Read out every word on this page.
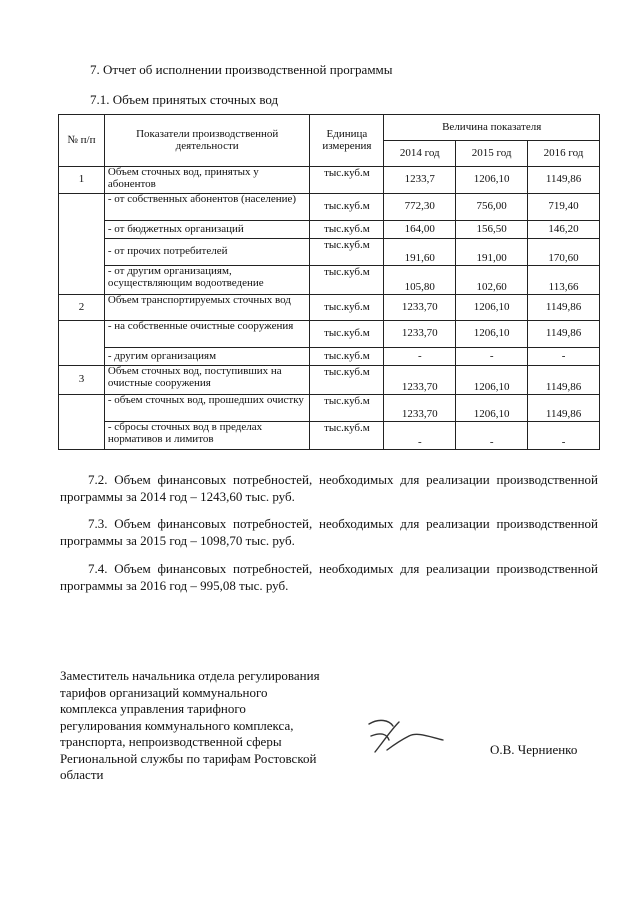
7. Отчет об исполнении производственной программы
7.1. Объем принятых сточных вод
№ п/п	Показатели производственной деятельности	Единица измерения	Величина показателя		
			2014 год	2015 год	2016 год
1	Объем сточных вод, принятых у абонентов	тыс.куб.м	1233,7	1206,10	1149,86
	- от собственных абонентов (население)	тыс.куб.м	772,30	756,00	719,40
	- от бюджетных организаций	тыс.куб.м	164,00	156,50	146,20
	- от прочих потребителей	тыс.куб.м	191,60	191,00	170,60
	- от другим организациям, осуществляющим водоотведение	тыс.куб.м	105,80	102,60	113,66
2	Объем транспортируемых сточных вод	тыс.куб.м	1233,70	1206,10	1149,86
	- на собственные очистные сооружения	тыс.куб.м	1233,70	1206,10	1149,86
	- другим организациям	тыс.куб.м	-	-	-
3	Объем сточных вод, поступивших на очистные сооружения	тыс.куб.м	1233,70	1206,10	1149,86
	- объем сточных вод, прошедших очистку	тыс.куб.м	1233,70	1206,10	1149,86
	- сбросы сточных вод в пределах нормативов и лимитов	тыс.куб.м	-	-	-
7.2. Объем финансовых потребностей, необходимых для реализации производственной программы за 2014 год – 1243,60 тыс. руб.
7.3. Объем финансовых потребностей, необходимых для реализации производственной программы за 2015 год – 1098,70 тыс. руб.
7.4. Объем финансовых потребностей, необходимых для реализации производственной программы за 2016 год – 995,08 тыс. руб.
Заместитель начальника отдела регулирования
тарифов организаций коммунального
комплекса управления тарифного
регулирования коммунального комплекса,
транспорта, непроизводственной сферы
Региональной службы по тарифам Ростовской
области
О.В. Черниенко
